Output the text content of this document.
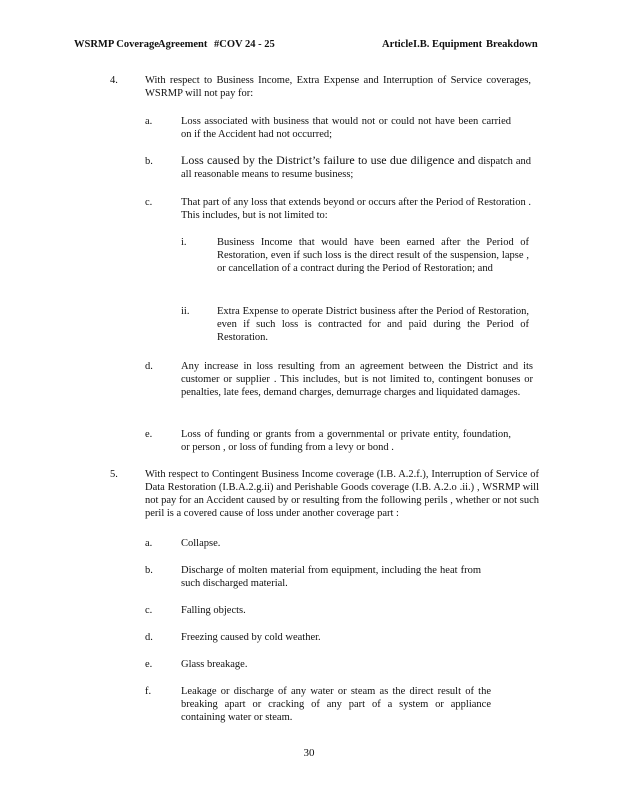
WSRMP Coverage Agreement #COV 24 - 25	Article I.B. Equipment Breakdown
4.	With respect to Business Income, Extra Expense and Interruption of Service coverages, WSRMP will not pay for:
a.	Loss associated with business that would not or could not have been carried on if the Accident had not occurred;
b. Loss caused by the District’s failure to use due diligence and dispatch and all reasonable means to resume business;
c.	That part of any loss that extends beyond or occurs after the Period of Restoration . This includes, but is not limited to:
i.	Business Income that would have been earned after the Period of Restoration, even if such loss is the direct result of the suspension, lapse , or cancellation of a contract during the Period of Restoration; and
ii.	Extra Expense to operate District business after the Period of Restoration, even if such loss is contracted for and paid during the Period of Restoration.
d.	Any increase in loss resulting from an agreement between the District and its customer or supplier . This includes, but is not limited to, contingent bonuses or penalties, late fees, demand charges, demurrage charges and liquidated damages.
e.	Loss of funding or grants from a governmental or private entity, foundation, or person , or loss of funding from a levy or bond .
5.	With respect to Contingent Business Income coverage (I.B. A.2.f.), Interruption of Service of Data Restoration (I.B.A.2.g.ii) and Perishable Goods coverage (I.B. A.2.o .ii.) , WSRMP will not pay for an Accident caused by or resulting from the following perils , whether or not such peril is a covered cause of loss under another coverage part :
a.	Collapse.
b.	Discharge of molten material from equipment, including the heat from such discharged material.
c.	Falling objects.
d.	Freezing caused by cold weather.
e.	Glass breakage.
f.	Leakage or discharge of any water or steam as the direct result of the breaking apart or cracking of any part of a system or appliance containing water or steam.
30
